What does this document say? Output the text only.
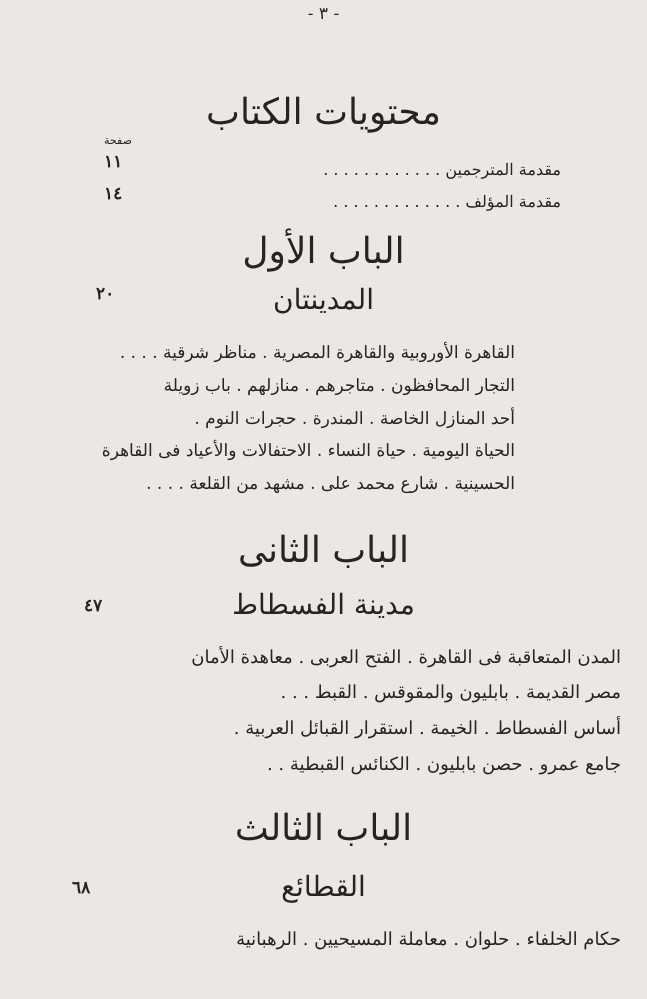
- ٣ -
محتويات الكتاب
صفحة
مقدمة المترجمين . . . . . . . . . . . .
١١
مقدمة المؤلف . . . . . . . . . . . . .
١٤
الباب الأول
المدينتان
٢٠
القاهرة الأوروبية والقاهرة المصرية . مناظر شرقية . . . .
التجار المحافظون . متاجرهم . منازلهم . باب زويلة
أحد المنازل الخاصة . المندرة . حجرات النوم .
الحياة اليومية . حياة النساء . الاحتفالات والأعياد فى القاهرة
الحسينية . شارع محمد على . مشهد من القلعة . . . .
الباب الثانى
مدينة الفسطاط
٤٧
المدن المتعاقبة فى القاهرة . الفتح العربى . معاهدة الأمان
مصر القديمة . بابليون والمقوقس . القبط . . .
أساس الفسطاط . الخيمة . استقرار القبائل العربية .
جامع عمرو . حصن بابليون . الكنائس القبطية . .
الباب الثالث
القطائع
٦٨
حكام الخلفاء . حلوان . معاملة المسيحيين . الرهبانية
